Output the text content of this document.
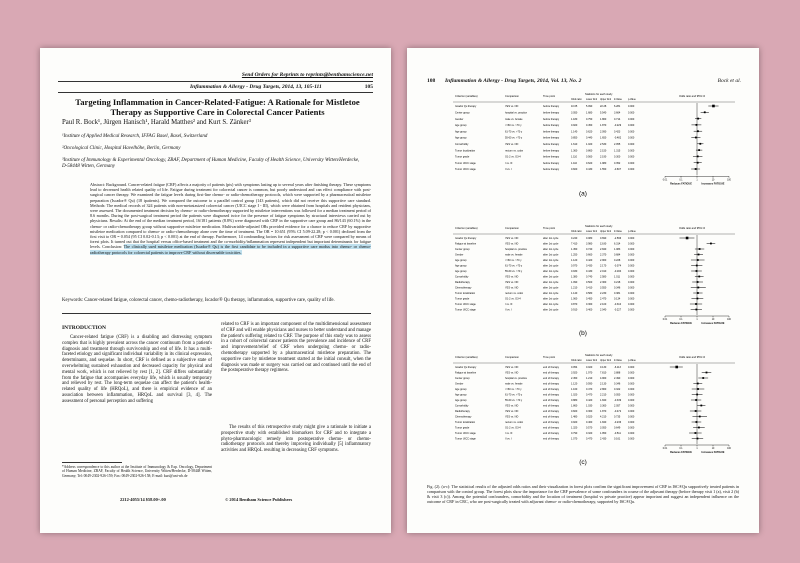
Send Orders for Reprints to reprints@benthamscience.net
Inflammation & Allergy - Drug Targets, 2014, 13, 105-111	105
Targeting Inflammation in Cancer-Related-Fatigue: A Rationale for Mistletoe Therapy as Supportive Care in Colorectal Cancer Patients
Paul R. Bock¹, Jürgen Hanisch¹, Harald Matthes² and Kurt S. Zänker³
¹Institute of Applied Medical Research, IFFAG Basel, Basel, Switzerland
²Oncological Clinic, Hospital Havelhöhe, Berlin, Germany
³Institute of Immunology & Experimental Oncology, ZBAF, Department of Human Medicine, Faculty of Health Science, University Witten/Herdecke, D-58448 Witten, Germany
Abstract: Background. Cancer-related fatigue (CRF) affects a majority of patients (pts) with symptoms lasting up to several years after finishing therapy. These symptoms lead to decreased health related quality of life. Fatigue during treatment for colorectal cancer is common, but poorly understood and can effect compliance with post-surgical cancer therapy. We examined the fatigue levels during first-line chemo- or radio-chemotherapy protocols, which were supported by a pharmaceutical mistletoe preparation (Iscador® Qu) (18 ipatients). We compared the outcome to a parallel control group (143 patients), which did not receive this supportive care standard. Methods: The medical records of 324 patients with non-metastasized colorectal cancer (UICC stage I - III), which were obtained from hospitals and resident physicians, were assessed. The documented treatment decision by chemo- or radio-chemotherapy supported by mistletoe interventions was followed for a median treatment period of 8.6 months. During the post-surgical treatment period the patients were diagnosed twice for the presence of fatigue symptoms by structural interviews carried out by physicians. Results: At the end of the median treatment period, 16/181 patients (8.8%) were diagnosed with CRF in the supportive care group and 86/143 (60.1%) in the chemo- or radio-chemotherapy group without supportive mistletoe medication. Multivariable-adjusted ORs provided evidence for a chance to reduce CRF by supportive mistletoe medication compared to chemo- or radio-chemotherapy alone over the time of treatment. The OR = 10.651 (95% CI 5.09-22.28; p < 0.001) declined from the first visit to OR = 0.054 (95 CI 0.02-0.13; p < 0.001) at the end of therapy. Furthermore, 14 confounding factors for risk assessment of CRF were compared by means of forest plots. It turned out that the hospital versus office-based treatment and the co-morbidity/inflammation represent independent but important determinants for fatigue levels. Conclusion: The clinically used mistletoe medication (Iscador® Qu) is the first candidate to be included in a supportive care modus into chemo- or chemo-radiotherapy protocols for colorectal patients to improve CRF without discernable toxicities.
Keywords: Cancer-related fatigue, colorectal cancer, chemo-radiotherapy, Iscador® Qu therapy, inflammation, supportive care, quality of life.
INTRODUCTION
Cancer-related fatigue (CRF) is a disabling and distressing symptom complex that is highly prevalent across the cancer continuum from a patient's diagnosis and treatment through survivorship and end of life. It has a multi-faceted etiology and significant individual variability in its clinical expression, determinants, and sequelae. In short, CRF is defined as a subjective state of overwhelming sustained exhaustion and decreased capacity for physical and mental work, which is not relieved by rest [1, 2]. CRF differs substantially from the fatigue that accompanies everyday life, which is usually temporary and relieved by rest. The long-term sequelae can affect the patient's health-related quality of life (HRQoL), and there is empirical evidence of an association between inflammation, HRQoL and survival [3, 4]. The assessment of personal perception and suffering
related to CRF is an important component of the multidimensional assessment of CRF and will enable physicians and nurses to better understand and manage the patient's suffering related to CRF. The purpose of this study was to assess in a cohort of colorectal cancer patients the prevalence and incidence of CRF and improvement/relief of CRF when undergoing chemo- or radio-chemotherapy supported by a pharmaceutical mistletoe preparation. The supportive care by mistletoe treatment started at the initial consult, when the diagnosis was made or surgery was carried out and continued until the end of the postoperative therapy regimens.
The results of this retrospective study might give a rationale to initiate a prospective study with established biomarkers for CRF and to integrate a phyto-pharmacologic remedy into postoperative chemo- or chemo-radiotherapy protocols and thereby improving individually [5] inflammatory activities and HRQoL resulting in decreasing CRF symptoms.
*Address correspondence to this author at the Institute of Immunology & Exp. Oncology, Department of Human Medicine, ZBAF, Faculty of Health Science, University Witten/Herdecke, D-58448 Witten, Germany; Tel: 0049-2302-926-159; Fax: 0049-2302-926-158; E-mail: kurt@uni-wh.de
2212-4055/14 $58.00+.00	© 2014 Bentham Science Publishers
108 Inflammation & Allergy - Drug Targets, 2014, Vol. 13, No. 2	Bock et al.
Criterion (variables)	Comparison	Time point
Statistics for each study
Odds ratio	Lower limit Upper limit Z-Value	p-Value
Odds ratio and 95% CI
Iscador Qu therapy	YES vs. NO	before therapy	10.65	5.090	22.28	6.281	0.000
Center group	hospital vs. practice	before therapy	3.050	1.680	5.540	3.664	0.000
Gender	male vs. female	before therapy	1.180	0.750	1.860	0.714	0.000
Age group	<=60 vs. >70 y	before therapy	0.920	0.450	1.870	-0.229	0.000
Age group	61-70 vs. >70 y	before therapy	1.140	0.620	2.090	0.423	0.000
Age group	55-60 vs. >70 y	before therapy	0.850	0.440	1.650	-0.482	0.000
Comorbidity	YES vs. NO	before therapy	1.610	1.020	2.530	2.055	0.000
Tumor localization	rectum vs. colon	before therapy	1.360	0.860	2.150	1.315	0.000
Tumor grade	G1-2 vs. G3-4	before therapy	1.110	0.560	2.190	0.300	0.000
Tumor UICC stage	I vs. III	before therapy	1.110	0.620	1.980	0.352	0.000
Tumor UICC stage	II vs. I	before therapy	0.820	0.430	1.550	-0.607	0.000
0.01	0.1	1	10	100
Reduces FATIGUE	Increases FATIGUE
(a)
Criterion (variables)	Comparison	Time point
Statistics for each study
Odds ratio	Lower limit Upper limit Z-Value	p-Value
Odds ratio and 95% CI
Iscador Qu therapy	YES vs. NO	after 1st cycle	0.240	0.080	0.690	-2.596	0.000
Fatigue at baseline	YES vs. NO	after 1st cycle	7.410	3.980	13.80	6.314	0.000
Center group	hospital vs. practice	after 1st cycle	1.450	0.740	2.840	1.083	0.000
Gender	male vs. female	after 1st cycle	1.250	0.660	2.370	0.684	0.000
Age group	<=60 vs. >70 y	after 1st cycle	1.120	0.420	2.960	0.228	0.000
Age group	61-70 vs. >70 y	after 1st cycle	0.970	0.430	2.170	-0.074	0.000
Age group	55-60 vs. >70 y	after 1st cycle	0.930	0.430	2.010	-0.184	0.000
Comorbidity	YES vs. NO	after 1st cycle	1.380	0.740	2.580	1.011	0.000
Radiotherapy	YES vs. NO	after 1st cycle	1.090	0.500	2.360	0.218	0.000
Chemotherapy	YES vs. NO	after 1st cycle	1.210	0.410	3.550	0.346	0.000
Tumor localization	rectum vs. colon	after 1st cycle	1.140	0.580	2.230	0.381	0.000
Tumor grade	G1-2 vs. G3-4	after 1st cycle	1.060	0.450	2.470	0.134	0.000
Tumor UICC stage	I vs. III	after 1st cycle	0.870	0.360	2.100	-0.310	0.000
Tumor UICC stage	II vs. I	after 1st cycle	0.910	0.400	2.040	-0.227	0.000
0.01	0.1	1	10	100
Reduces FATIGUE	Increases FATIGUE
(b)
Criterion (variables)	Comparison	Time point
Statistics for each study
Odds ratio	Lower limit Upper limit Z-Value	p-Value
Odds ratio and 95% CI
Iscador Qu therapy	YES vs. NO	end of therapy	0.054	0.020	0.130	-6.113	0.000
Fatigue at baseline	YES vs. NO	end of therapy	3.920	1.970	7.810	3.888	0.000
Center group	hospital vs. practice	end of therapy	2.450	1.210	4.960	2.490	0.000
Gender	male vs. female	end of therapy	1.120	0.590	2.130	0.346	0.000
Age group	<=60 vs. >70 y	end of therapy	1.160	0.470	2.860	0.322	0.000
Age group	61-70 vs. >70 y	end of therapy	1.020	0.470	2.210	0.050	0.000
Age group	55-60 vs. >70 y	end of therapy	0.880	0.420	1.840	-0.339	0.000
Comorbidity	YES vs. NO	end of therapy	1.860	1.030	3.360	2.057	0.000
Radiotherapy	YES vs. NO	end of therapy	0.820	0.360	1.870	-0.472	0.000
Chemotherapy	YES vs. NO	end of therapy	1.480	0.520	4.210	0.735	0.000
Tumor localization	rectum vs. colon	end of therapy	0.920	0.460	1.840	-0.236	0.000
Tumor grade	G1-2 vs. G3-4	end of therapy	1.320	0.570	3.050	0.649	0.000
Tumor UICC stage	I vs. III	end of therapy	0.790	0.320	1.950	-0.511	0.000
Tumor UICC stage	II vs. I	end of therapy	1.070	0.470	2.430	0.161	0.000
0.01	0.1	1	10	100
Reduces FATIGUE	Increases FATIGUE
(c)
Fig. (2). (a-c): The statistical results of the adjusted odds ratios and their visualization in forest plots confirm the significant improvement of CRF in ISC®Qu supportively treated patients in comparison with the control group. The forest plots show the importance for the CRF prevalence of some confounders in course of the adjuvant therapy (before therapy visit 1 (a), visit 2 (b) & visit 3 (c)). Among the potential confounders, comorbidity and the location of treatment (hospital vs private practice) appear important and suggest an independent influence on the outcome of CRF in CRC, who are post-surgically treated with adjuvant chemo- or radio-chemotherapy, supported by ISC®Qu.
